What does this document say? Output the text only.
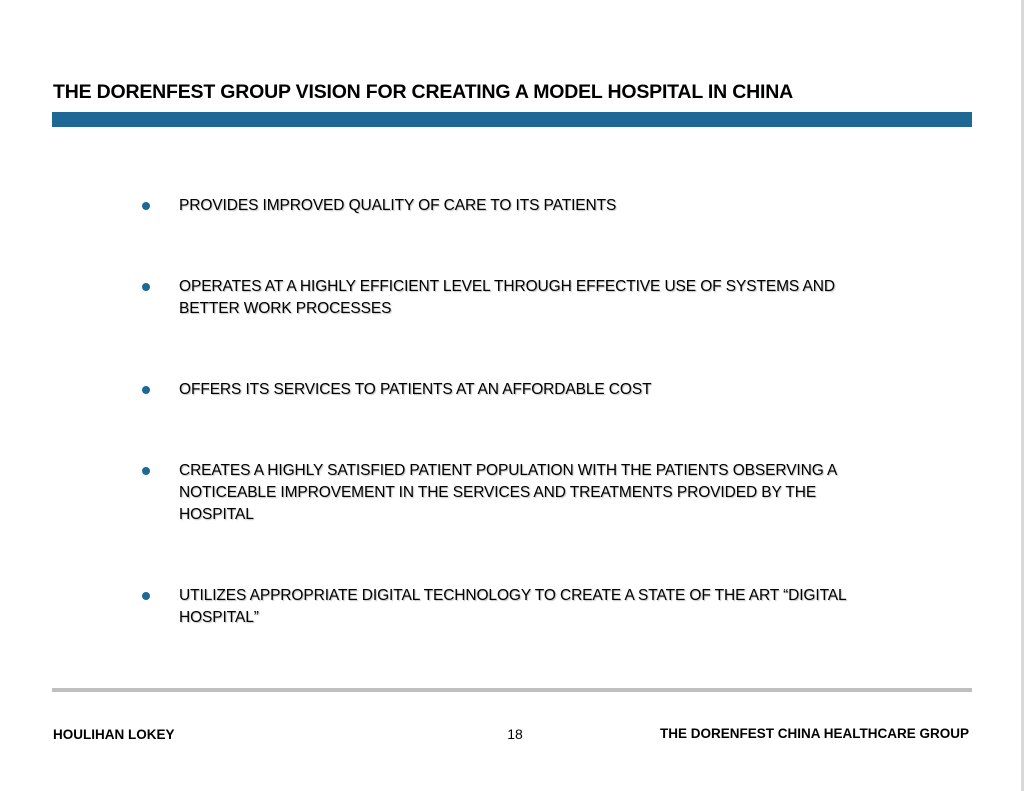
THE DORENFEST GROUP VISION FOR CREATING A MODEL HOSPITAL IN CHINA
PROVIDES IMPROVED QUALITY OF CARE TO ITS PATIENTS
OPERATES AT A HIGHLY EFFICIENT LEVEL THROUGH EFFECTIVE USE OF SYSTEMS AND BETTER WORK PROCESSES
OFFERS ITS SERVICES TO PATIENTS AT AN AFFORDABLE COST
CREATES A HIGHLY SATISFIED PATIENT POPULATION WITH THE PATIENTS OBSERVING A NOTICEABLE IMPROVEMENT IN THE SERVICES AND TREATMENTS PROVIDED BY THE HOSPITAL
UTILIZES APPROPRIATE DIGITAL TECHNOLOGY TO CREATE A STATE OF THE ART “DIGITAL HOSPITAL”

HOULIHAN LOKEY	18	THE DORENFEST CHINA HEALTHCARE GROUP
